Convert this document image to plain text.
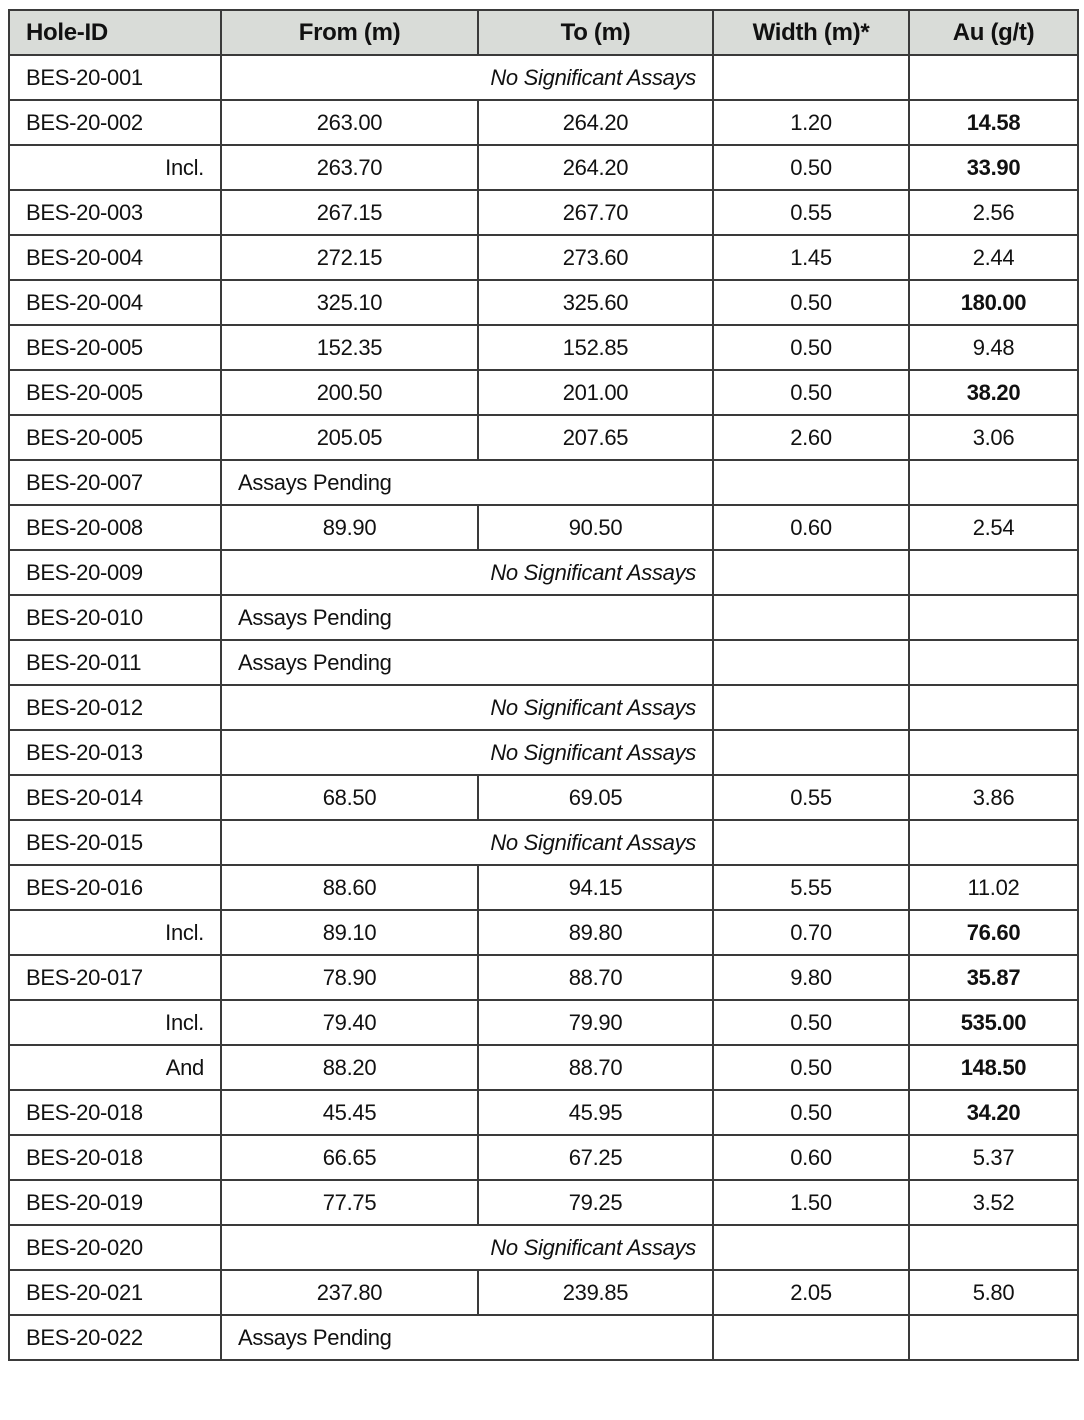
Hole-ID	From (m)	To (m)	Width (m)*	Au (g/t)
BES-20-001	No Significant Assays			
BES-20-002	263.00	264.20	1.20	14.58
Incl.	263.70	264.20	0.50	33.90
BES-20-003	267.15	267.70	0.55	2.56
BES-20-004	272.15	273.60	1.45	2.44
BES-20-004	325.10	325.60	0.50	180.00
BES-20-005	152.35	152.85	0.50	9.48
BES-20-005	200.50	201.00	0.50	38.20
BES-20-005	205.05	207.65	2.60	3.06
BES-20-007	Assays Pending			
BES-20-008	89.90	90.50	0.60	2.54
BES-20-009	No Significant Assays			
BES-20-010	Assays Pending			
BES-20-011	Assays Pending			
BES-20-012	No Significant Assays			
BES-20-013	No Significant Assays			
BES-20-014	68.50	69.05	0.55	3.86
BES-20-015	No Significant Assays			
BES-20-016	88.60	94.15	5.55	11.02
Incl.	89.10	89.80	0.70	76.60
BES-20-017	78.90	88.70	9.80	35.87
Incl.	79.40	79.90	0.50	535.00
And	88.20	88.70	0.50	148.50
BES-20-018	45.45	45.95	0.50	34.20
BES-20-018	66.65	67.25	0.60	5.37
BES-20-019	77.75	79.25	1.50	3.52
BES-20-020	No Significant Assays			
BES-20-021	237.80	239.85	2.05	5.80
BES-20-022	Assays Pending			
